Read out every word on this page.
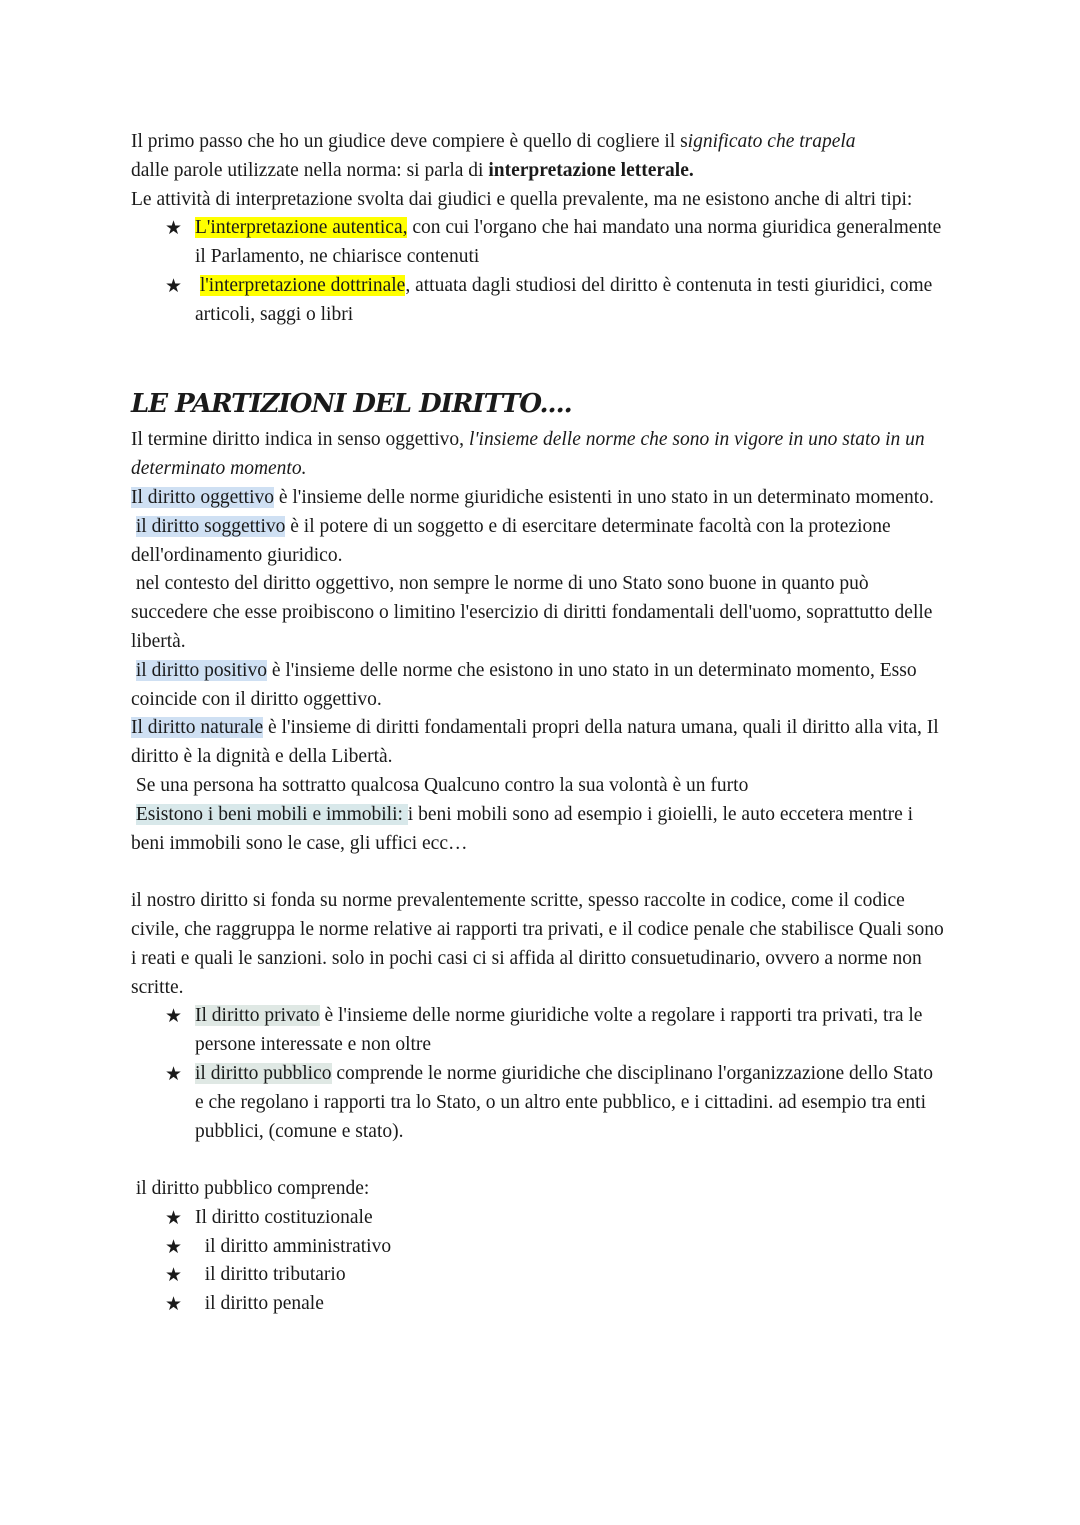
Il primo passo che ho un giudice deve compiere è quello di cogliere il significato che trapela
dalle parole utilizzate nella norma: si parla di interpretazione letterale.

Le attività di interpretazione svolta dai giudici e quella prevalente, ma ne esistono anche di altri tipi:

★ L'interpretazione autentica, con cui l'organo che hai mandato una norma giuridica generalmente il Parlamento, ne chiarisce contenuti
★ l'interpretazione dottrinale, attuata dagli studiosi del diritto è contenuta in testi giuridici, come articoli, saggi o libri
LE PARTIZIONI DEL DIRITTO....

Il termine diritto indica in senso oggettivo, l'insieme delle norme che sono in vigore in uno stato in un determinato momento.

Il diritto oggettivo è l'insieme delle norme giuridiche esistenti in uno stato in un determinato momento.

il diritto soggettivo è il potere di un soggetto e di esercitare determinate facoltà con la protezione dell'ordinamento giuridico.

nel contesto del diritto oggettivo, non sempre le norme di uno Stato sono buone in quanto può succedere che esse proibiscono o limitino l'esercizio di diritti fondamentali dell'uomo, soprattutto delle libertà.

il diritto positivo è l'insieme delle norme che esistono in uno stato in un determinato momento, Esso coincide con il diritto oggettivo.

Il diritto naturale è l'insieme di diritti fondamentali propri della natura umana, quali il diritto alla vita, Il diritto è la dignità e della Libertà.

Se una persona ha sottratto qualcosa Qualcuno contro la sua volontà è un furto

Esistono i beni mobili e immobili: i beni mobili sono ad esempio i gioielli, le auto eccetera mentre i beni immobili sono le case, gli uffici ecc…

il nostro diritto si fonda su norme prevalentemente scritte, spesso raccolte in codice, come il codice civile, che raggruppa le norme relative ai rapporti tra privati, e il codice penale che stabilisce Quali sono i reati e quali le sanzioni. solo in pochi casi ci si affida al diritto consuetudinario, ovvero a norme non scritte.

★ Il diritto privato è l'insieme delle norme giuridiche volte a regolare i rapporti tra privati, tra le persone interessate e non oltre
★ il diritto pubblico comprende le norme giuridiche che disciplinano l'organizzazione dello Stato e che regolano i rapporti tra lo Stato, o un altro ente pubblico, e i cittadini. ad esempio tra enti pubblici, (comune e stato).

il diritto pubblico comprende:

★ Il diritto costituzionale
★ il diritto amministrativo
★ il diritto tributario
★ il diritto penale
